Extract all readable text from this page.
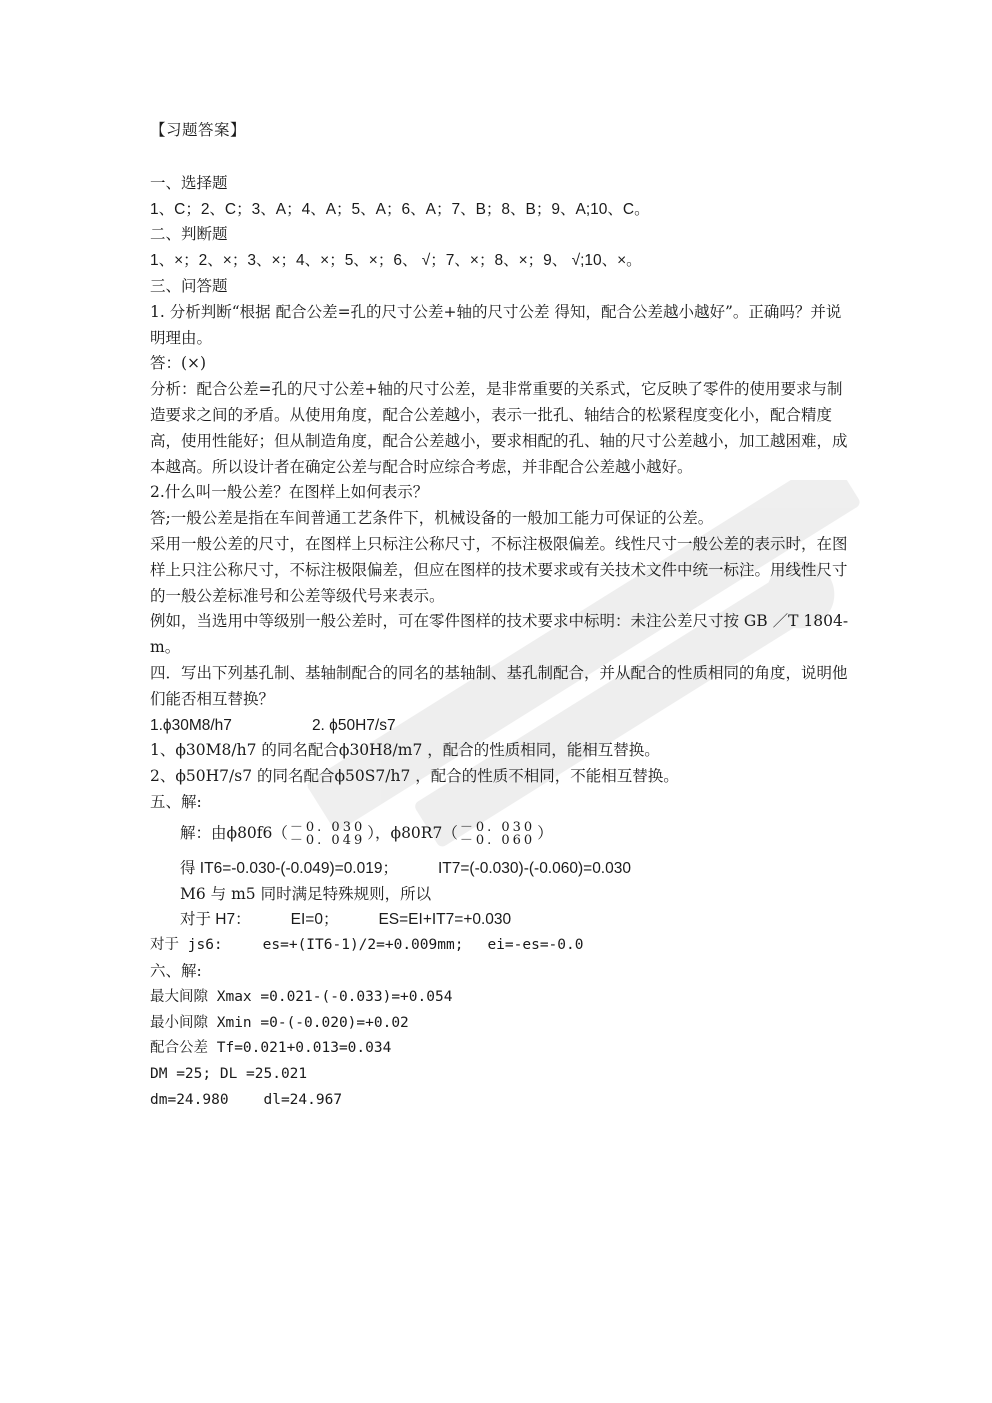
【习题答案】

一、选择题

1、C；2、C；3、A；4、A；5、A；6、A；7、B；8、B；9、A;10、C。

二、判断题

1、×；2、×；3、×；4、×；5、×；6、 √；7、×；8、×；9、 √;10、×。

三、问答题

1. 分析判断“根据 配合公差=孔的尺寸公差+轴的尺寸公差 得知，配合公差越小越好”。正确吗？并说明理由。

答：(×)

分析：配合公差=孔的尺寸公差+轴的尺寸公差，是非常重要的关系式，它反映了零件的使用要求与制造要求之间的矛盾。从使用角度，配合公差越小，表示一批孔、轴结合的松紧程度变化小，配合精度高，使用性能好；但从制造角度，配合公差越小，要求相配的孔、轴的尺寸公差越小，加工越困难，成本越高。所以设计者在确定公差与配合时应综合考虑，并非配合公差越小越好。

2.什么叫一般公差？在图样上如何表示？

答;一般公差是指在车间普通工艺条件下，机械设备的一般加工能力可保证的公差。

采用一般公差的尺寸，在图样上只标注公称尺寸，不标注极限偏差。线性尺寸一般公差的表示时，在图样上只注公称尺寸，不标注极限偏差，但应在图样的技术要求或有关技术文件中统一标注。用线性尺寸的一般公差标准号和公差等级代号来表示。

例如，当选用中等级别一般公差时，可在零件图样的技术要求中标明：未注公差尺寸按 GB ／T 1804-m。

四．写出下列基孔制、基轴制配合的同名的基轴制、基孔制配合，并从配合的性质相同的角度，说明他们能否相互替换？

1.ϕ30M8/h7	2. ϕ50H7/s7

1、ϕ30M8/h7 的同名配合ϕ30H8/m7 ，配合的性质相同，能相互替换。

2、ϕ50H7/s7 的同名配合ϕ50S7/h7 ，配合的性质不相同，不能相互替换。

五、解:

解：由ϕ80f6（ －0. 030
－0. 049 ），ϕ80R7（ －0. 030
－0. 060 ）

得 IT6=-0.030-(-0.049)=0.019；	IT7=(-0.030)-(-0.060)=0.030

M6 与 m5 同时满足特殊规则，所以

对于 H7：	EI=0；	ES=EI+IT7=+0.030

对于 js6:	es=+(IT6-1)/2=+0.009mm; ei=-es=-0.0

六、解:

最大间隙 Xmax =0.021-(-0.033)=+0.054

最小间隙 Xmin =0-(-0.020)=+0.02

配合公差 Tf=0.021+0.013=0.034

DM =25; DL =25.021

dm=24.980    dl=24.967
